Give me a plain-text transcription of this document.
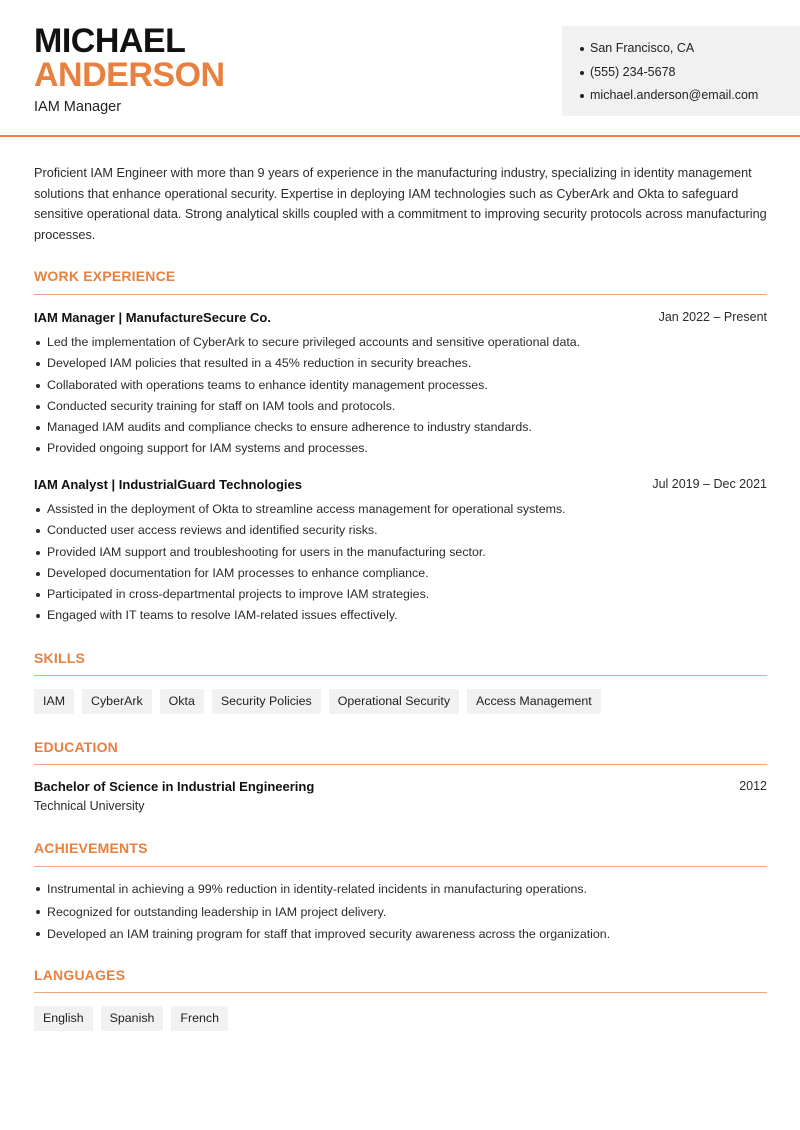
MICHAEL
ANDERSON
IAM Manager
San Francisco, CA
(555) 234-5678
michael.anderson@email.com
Proficient IAM Engineer with more than 9 years of experience in the manufacturing industry, specializing in identity management solutions that enhance operational security. Expertise in deploying IAM technologies such as CyberArk and Okta to safeguard sensitive operational data. Strong analytical skills coupled with a commitment to improving security protocols across manufacturing processes.
WORK EXPERIENCE
IAM Manager | ManufactureSecure Co.	Jan 2022 – Present
Led the implementation of CyberArk to secure privileged accounts and sensitive operational data.
Developed IAM policies that resulted in a 45% reduction in security breaches.
Collaborated with operations teams to enhance identity management processes.
Conducted security training for staff on IAM tools and protocols.
Managed IAM audits and compliance checks to ensure adherence to industry standards.
Provided ongoing support for IAM systems and processes.
IAM Analyst | IndustrialGuard Technologies	Jul 2019 – Dec 2021
Assisted in the deployment of Okta to streamline access management for operational systems.
Conducted user access reviews and identified security risks.
Provided IAM support and troubleshooting for users in the manufacturing sector.
Developed documentation for IAM processes to enhance compliance.
Participated in cross-departmental projects to improve IAM strategies.
Engaged with IT teams to resolve IAM-related issues effectively.
SKILLS
IAM	CyberArk	Okta	Security Policies	Operational Security	Access Management
EDUCATION
Bachelor of Science in Industrial Engineering	2012
Technical University
ACHIEVEMENTS
Instrumental in achieving a 99% reduction in identity-related incidents in manufacturing operations.
Recognized for outstanding leadership in IAM project delivery.
Developed an IAM training program for staff that improved security awareness across the organization.
LANGUAGES
English	Spanish	French
